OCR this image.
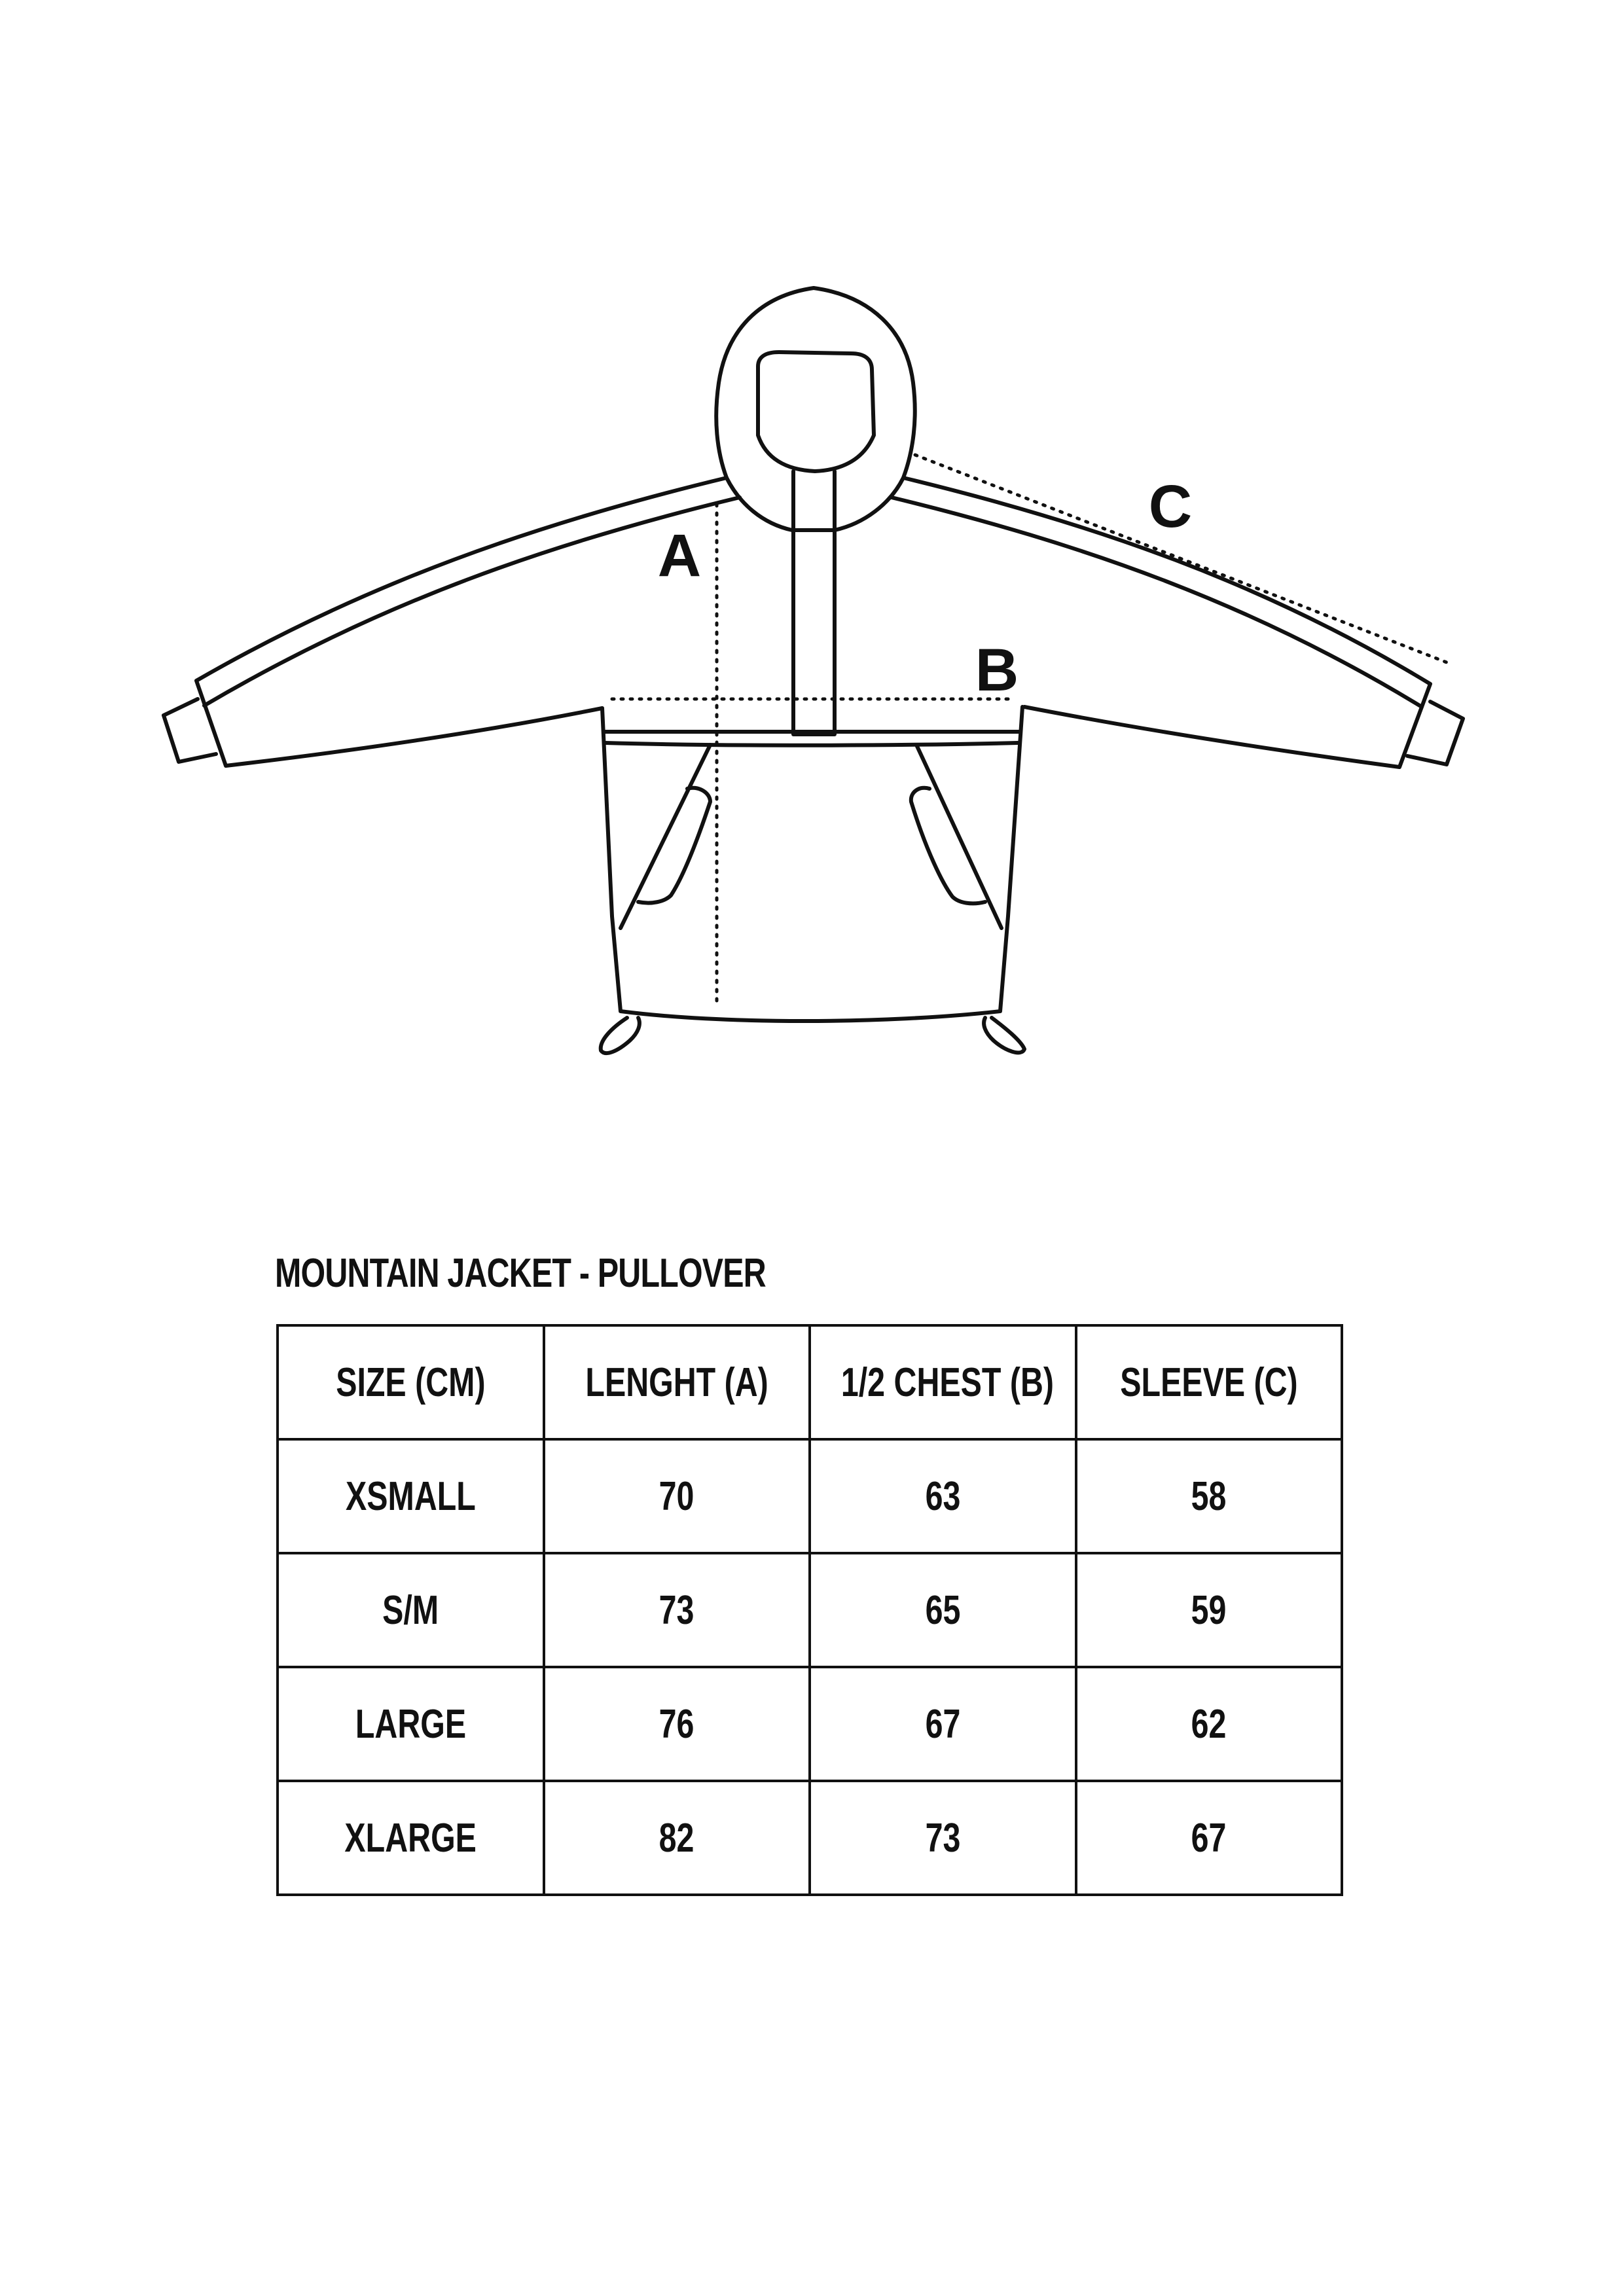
A
B
C
MOUNTAIN JACKET - PULLOVER
SIZE (CM)	LENGHT (A)	1/2 CHEST (B)	SLEEVE (C)
XSMALL	70	63	58
S/M	73	65	59
LARGE	76	67	62
XLARGE	82	73	67
